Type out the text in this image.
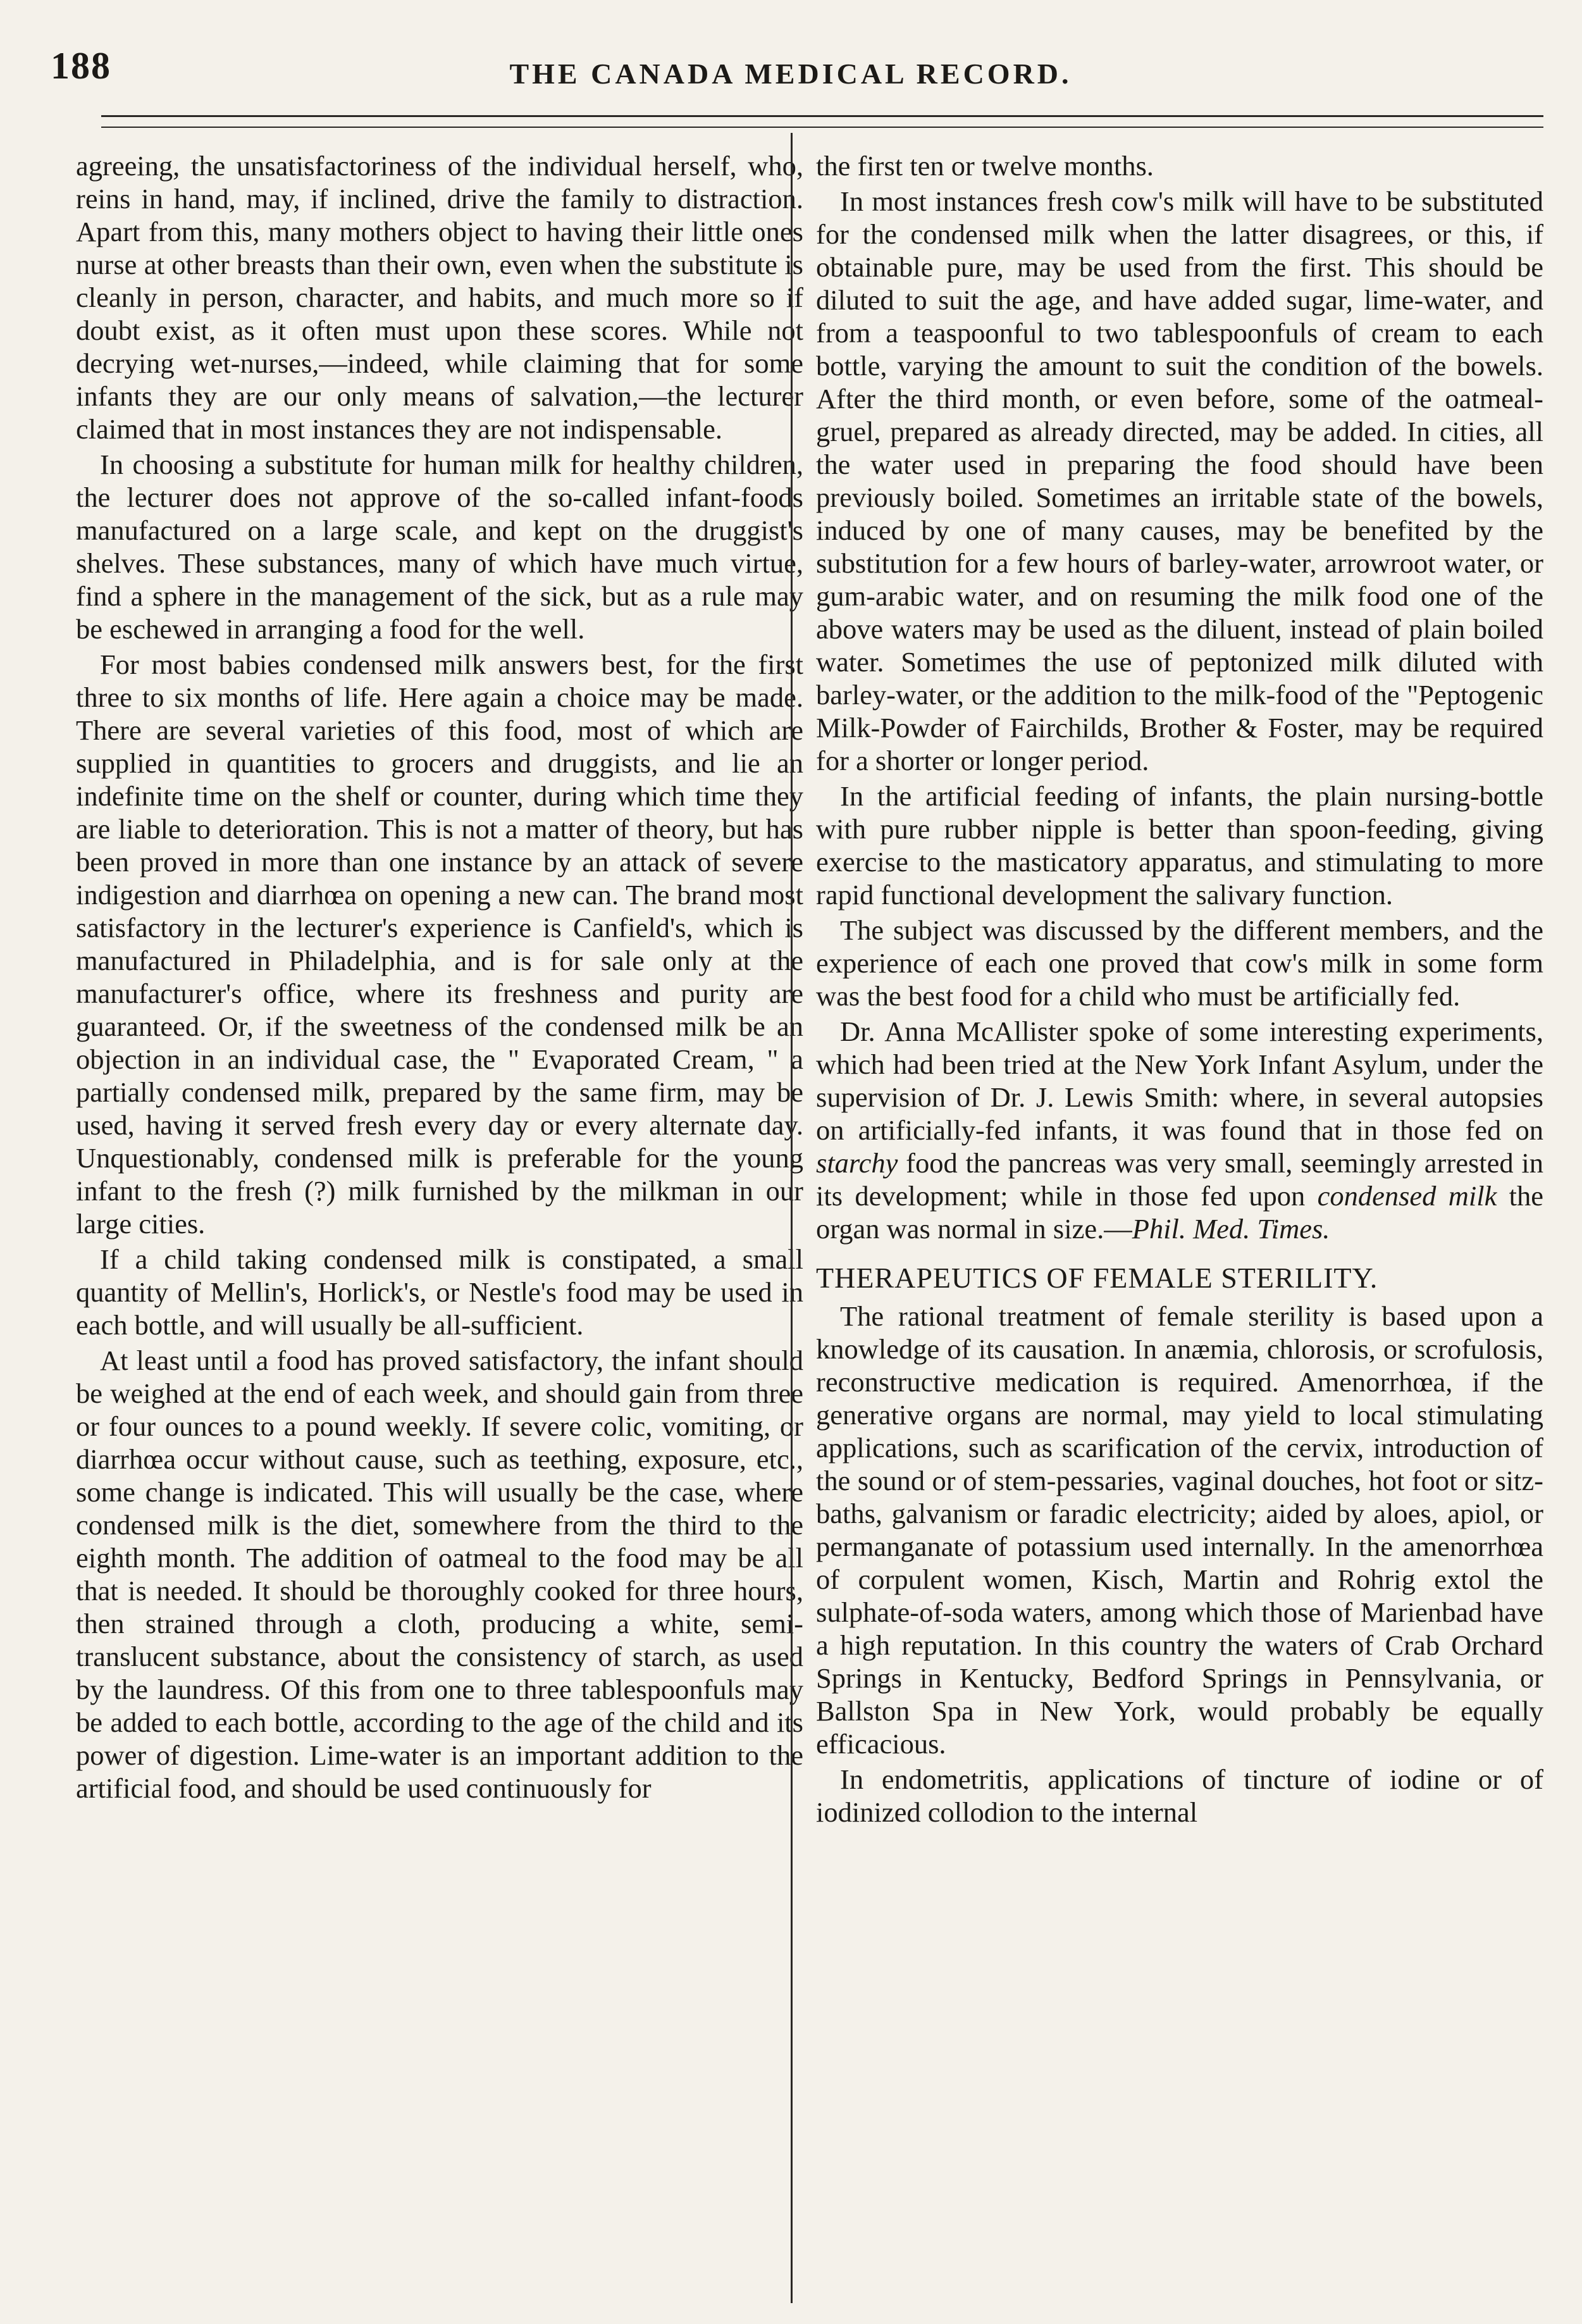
188	THE CANADA MEDICAL RECORD.

agreeing, the unsatisfactoriness of the individual herself, who, reins in hand, may, if inclined, drive the family to distraction. Apart from this, many mothers object to having their little ones nurse at other breasts than their own, even when the substitute is cleanly in person, character, and habits, and much more so if doubt exist, as it often must upon these scores. While not decrying wet-nurses,—indeed, while claiming that for some infants they are our only means of salvation,—the lecturer claimed that in most instances they are not indispensable.

In choosing a substitute for human milk for healthy children, the lecturer does not approve of the so-called infant-foods manufactured on a large scale, and kept on the druggist's shelves. These substances, many of which have much virtue, find a sphere in the management of the sick, but as a rule may be eschewed in arranging a food for the well.

For most babies condensed milk answers best, for the first three to six months of life. Here again a choice may be made. There are several varieties of this food, most of which are supplied in quantities to grocers and druggists, and lie an indefinite time on the shelf or counter, during which time they are liable to deterioration. This is not a matter of theory, but has been proved in more than one instance by an attack of severe indigestion and diarrhœa on opening a new can. The brand most satisfactory in the lecturer's experience is Canfield's, which is manufactured in Philadelphia, and is for sale only at the manufacturer's office, where its freshness and purity are guaranteed. Or, if the sweetness of the condensed milk be an objection in an individual case, the " Evaporated Cream, " a partially condensed milk, prepared by the same firm, may be used, having it served fresh every day or every alternate day. Unquestionably, condensed milk is preferable for the young infant to the fresh (?) milk furnished by the milkman in our large cities.

If a child taking condensed milk is constipated, a small quantity of Mellin's, Horlick's, or Nestle's food may be used in each bottle, and will usually be all-sufficient.

At least until a food has proved satisfactory, the infant should be weighed at the end of each week, and should gain from three or four ounces to a pound weekly. If severe colic, vomiting, or diarrhœa occur without cause, such as teething, exposure, etc., some change is indicated. This will usually be the case, where condensed milk is the diet, somewhere from the third to the eighth month. The addition of oatmeal to the food may be all that is needed. It should be thoroughly cooked for three hours, then strained through a cloth, producing a white, semi-translucent substance, about the consistency of starch, as used by the laundress. Of this from one to three tablespoonfuls may be added to each bottle, according to the age of the child and its power of digestion. Lime-water is an important addition to the artificial food, and should be used continuously for

the first ten or twelve months.

In most instances fresh cow's milk will have to be substituted for the condensed milk when the latter disagrees, or this, if obtainable pure, may be used from the first. This should be diluted to suit the age, and have added sugar, lime-water, and from a teaspoonful to two tablespoonfuls of cream to each bottle, varying the amount to suit the condition of the bowels. After the third month, or even before, some of the oatmeal-gruel, prepared as already directed, may be added. In cities, all the water used in preparing the food should have been previously boiled. Sometimes an irritable state of the bowels, induced by one of many causes, may be benefited by the substitution for a few hours of barley-water, arrowroot water, or gum-arabic water, and on resuming the milk food one of the above waters may be used as the diluent, instead of plain boiled water. Sometimes the use of peptonized milk diluted with barley-water, or the addition to the milk-food of the "Peptogenic Milk-Powder of Fairchilds, Brother & Foster, may be required for a shorter or longer period.

In the artificial feeding of infants, the plain nursing-bottle with pure rubber nipple is better than spoon-feeding, giving exercise to the masticatory apparatus, and stimulating to more rapid functional development the salivary function.

The subject was discussed by the different members, and the experience of each one proved that cow's milk in some form was the best food for a child who must be artificially fed.

Dr. Anna McAllister spoke of some interesting experiments, which had been tried at the New York Infant Asylum, under the supervision of Dr. J. Lewis Smith: where, in several autopsies on artificially-fed infants, it was found that in those fed on starchy food the pancreas was very small, seemingly arrested in its development; while in those fed upon condensed milk the organ was normal in size.—Phil. Med. Times.

THERAPEUTICS OF FEMALE STERILITY.

The rational treatment of female sterility is based upon a knowledge of its causation. In anæmia, chlorosis, or scrofulosis, reconstructive medication is required. Amenorrhœa, if the generative organs are normal, may yield to local stimulating applications, such as scarification of the cervix, introduction of the sound or of stem-pessaries, vaginal douches, hot foot or sitz-baths, galvanism or faradic electricity; aided by aloes, apiol, or permanganate of potassium used internally. In the amenorrhœa of corpulent women, Kisch, Martin and Rohrig extol the sulphate-of-soda waters, among which those of Marienbad have a high reputation. In this country the waters of Crab Orchard Springs in Kentucky, Bedford Springs in Pennsylvania, or Ballston Spa in New York, would probably be equally efficacious.

In endometritis, applications of tincture of iodine or of iodinized collodion to the internal
